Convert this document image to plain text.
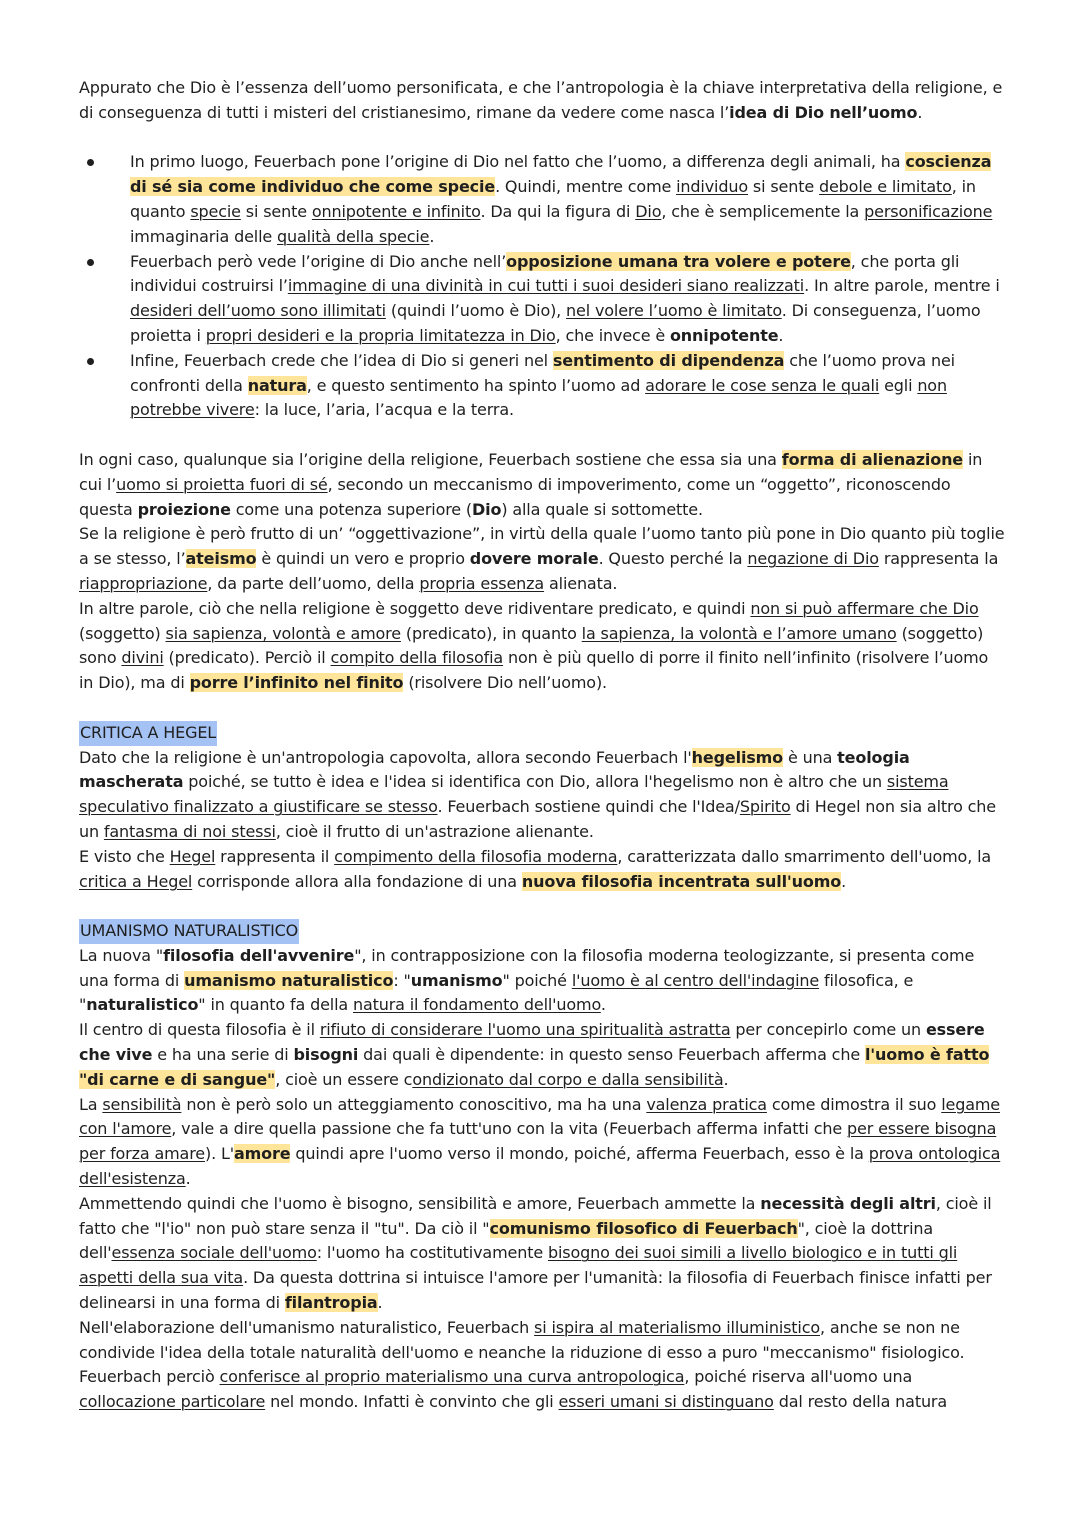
Appurato che Dio è l’essenza dell’uomo personificata, e che l’antropologia è la chiave interpretativa della religione, e di conseguenza di tutti i misteri del cristianesimo, rimane da vedere come nasca l’idea di Dio nell’uomo.

In primo luogo, Feuerbach pone l’origine di Dio nel fatto che l’uomo, a differenza degli animali, ha coscienza di sé sia come individuo che come specie. Quindi, mentre come individuo si sente debole e limitato, in quanto specie si sente onnipotente e infinito. Da qui la figura di Dio, che è semplicemente la personificazione immaginaria delle qualità della specie.
Feuerbach però vede l’origine di Dio anche nell’opposizione umana tra volere e potere, che porta gli individui costruirsi l’immagine di una divinità in cui tutti i suoi desideri siano realizzati. In altre parole, mentre i desideri dell’uomo sono illimitati (quindi l’uomo è Dio), nel volere l’uomo è limitato. Di conseguenza, l’uomo proietta i propri desideri e la propria limitatezza in Dio, che invece è onnipotente.
Infine, Feuerbach crede che l’idea di Dio si generi nel sentimento di dipendenza che l’uomo prova nei confronti della natura, e questo sentimento ha spinto l’uomo ad adorare le cose senza le quali egli non potrebbe vivere: la luce, l’aria, l’acqua e la terra.

In ogni caso, qualunque sia l’origine della religione, Feuerbach sostiene che essa sia una forma di alienazione in cui l’uomo si proietta fuori di sé, secondo un meccanismo di impoverimento, come un “oggetto”, riconoscendo questa proiezione come una potenza superiore (Dio) alla quale si sottomette.

Se la religione è però frutto di un’ “oggettivazione”, in virtù della quale l’uomo tanto più pone in Dio quanto più toglie a se stesso, l’ateismo è quindi un vero e proprio dovere morale. Questo perché la negazione di Dio rappresenta la riappropriazione, da parte dell’uomo, della propria essenza alienata.

In altre parole, ciò che nella religione è soggetto deve ridiventare predicato, e quindi non si può affermare che Dio (soggetto) sia sapienza, volontà e amore (predicato), in quanto la sapienza, la volontà e l’amore umano (soggetto) sono divini (predicato). Perciò il compito della filosofia non è più quello di porre il finito nell’infinito (risolvere l’uomo in Dio), ma di porre l’infinito nel finito (risolvere Dio nell’uomo).

CRITICA A HEGEL

Dato che la religione è un'antropologia capovolta, allora secondo Feuerbach l'hegelismo è una teologia mascherata poiché, se tutto è idea e l'idea si identifica con Dio, allora l'hegelismo non è altro che un sistema speculativo finalizzato a giustificare se stesso. Feuerbach sostiene quindi che l'Idea/Spirito di Hegel non sia altro che un fantasma di noi stessi, cioè il frutto di un'astrazione alienante.

E visto che Hegel rappresenta il compimento della filosofia moderna, caratterizzata dallo smarrimento dell'uomo, la critica a Hegel corrisponde allora alla fondazione di una nuova filosofia incentrata sull'uomo.

UMANISMO NATURALISTICO

La nuova "filosofia dell'avvenire", in contrapposizione con la filosofia moderna teologizzante, si presenta come una forma di umanismo naturalistico: "umanismo" poiché l'uomo è al centro dell'indagine filosofica, e "naturalistico" in quanto fa della natura il fondamento dell'uomo.

Il centro di questa filosofia è il rifiuto di considerare l'uomo una spiritualità astratta per concepirlo come un essere che vive e ha una serie di bisogni dai quali è dipendente: in questo senso Feuerbach afferma che l'uomo è fatto "di carne e di sangue", cioè un essere condizionato dal corpo e dalla sensibilità.

La sensibilità non è però solo un atteggiamento conoscitivo, ma ha una valenza pratica come dimostra il suo legame con l'amore, vale a dire quella passione che fa tutt'uno con la vita (Feuerbach afferma infatti che per essere bisogna per forza amare). L'amore quindi apre l'uomo verso il mondo, poiché, afferma Feuerbach, esso è la prova ontologica dell'esistenza.

Ammettendo quindi che l'uomo è bisogno, sensibilità e amore, Feuerbach ammette la necessità degli altri, cioè il fatto che "l'io" non può stare senza il "tu". Da ciò il "comunismo filosofico di Feuerbach", cioè la dottrina dell'essenza sociale dell'uomo: l'uomo ha costitutivamente bisogno dei suoi simili a livello biologico e in tutti gli aspetti della sua vita. Da questa dottrina si intuisce l'amore per l'umanità: la filosofia di Feuerbach finisce infatti per delinearsi in una forma di filantropia.

Nell'elaborazione dell'umanismo naturalistico, Feuerbach si ispira al materialismo illuministico, anche se non ne condivide l'idea della totale naturalità dell'uomo e neanche la riduzione di esso a puro "meccanismo" fisiologico. Feuerbach perciò conferisce al proprio materialismo una curva antropologica, poiché riserva all'uomo una collocazione particolare nel mondo. Infatti è convinto che gli esseri umani si distinguano dal resto della natura
